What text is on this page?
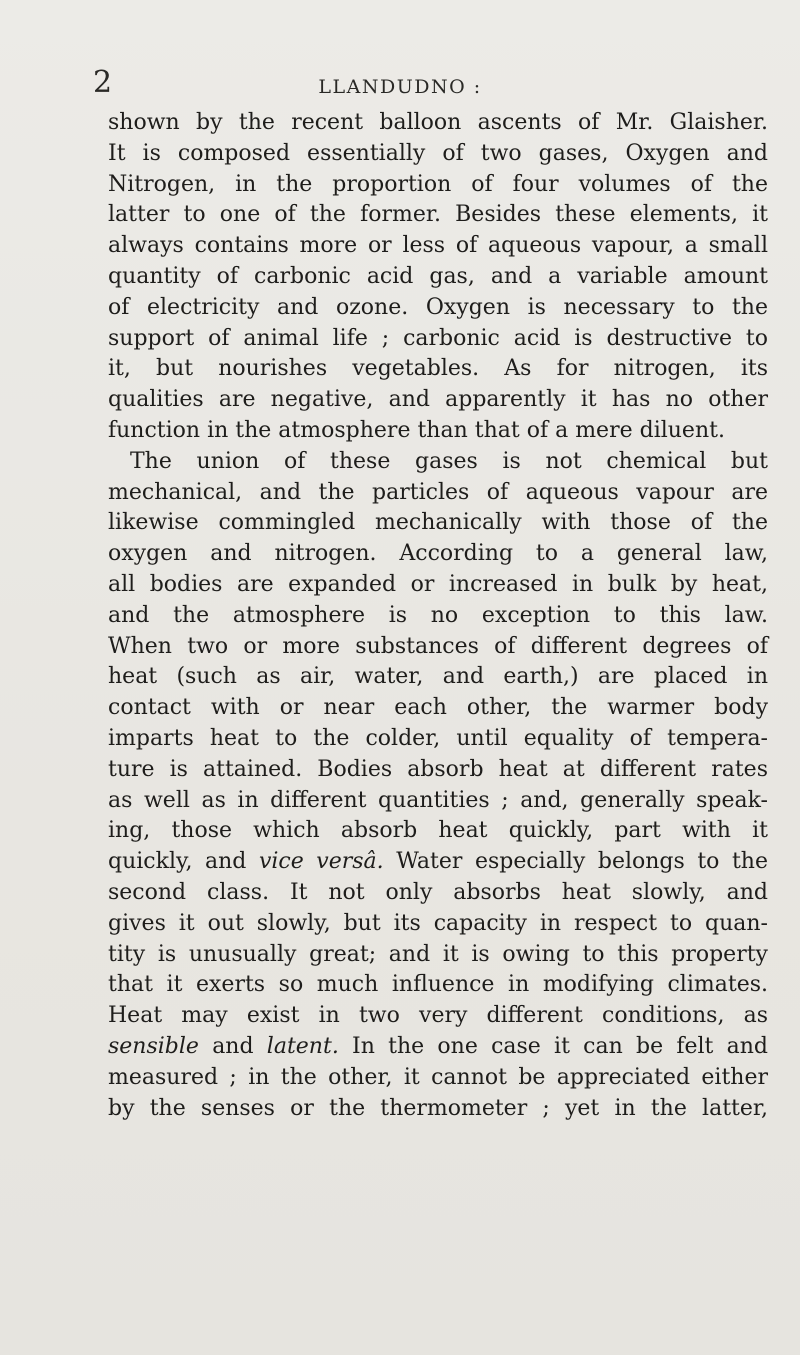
2	LLANDUDNO :
shown by the recent balloon ascents of Mr. Glaisher.
It is composed essentially of two gases, Oxygen and
Nitrogen, in the proportion of four volumes of the
latter to one of the former. Besides these elements, it
always contains more or less of aqueous vapour, a small
quantity of carbonic acid gas, and a variable amount
of electricity and ozone. Oxygen is necessary to the
support of animal life ; carbonic acid is destructive to
it, but nourishes vegetables. As for nitrogen, its
qualities are negative, and apparently it has no other
function in the atmosphere than that of a mere diluent.
The union of these gases is not chemical but
mechanical, and the particles of aqueous vapour are
likewise commingled mechanically with those of the
oxygen and nitrogen. According to a general law,
all bodies are expanded or increased in bulk by heat,
and the atmosphere is no exception to this law.
When two or more substances of different degrees of
heat (such as air, water, and earth,) are placed in
contact with or near each other, the warmer body
imparts heat to the colder, until equality of tempera-
ture is attained. Bodies absorb heat at different rates
as well as in different quantities ; and, generally speak-
ing, those which absorb heat quickly, part with it
quickly, and vice versâ. Water especially belongs to the
second class. It not only absorbs heat slowly, and
gives it out slowly, but its capacity in respect to quan-
tity is unusually great; and it is owing to this property
that it exerts so much influence in modifying climates.
Heat may exist in two very different conditions, as
sensible and latent. In the one case it can be felt and
measured ; in the other, it cannot be appreciated either
by the senses or the thermometer ; yet in the latter,
